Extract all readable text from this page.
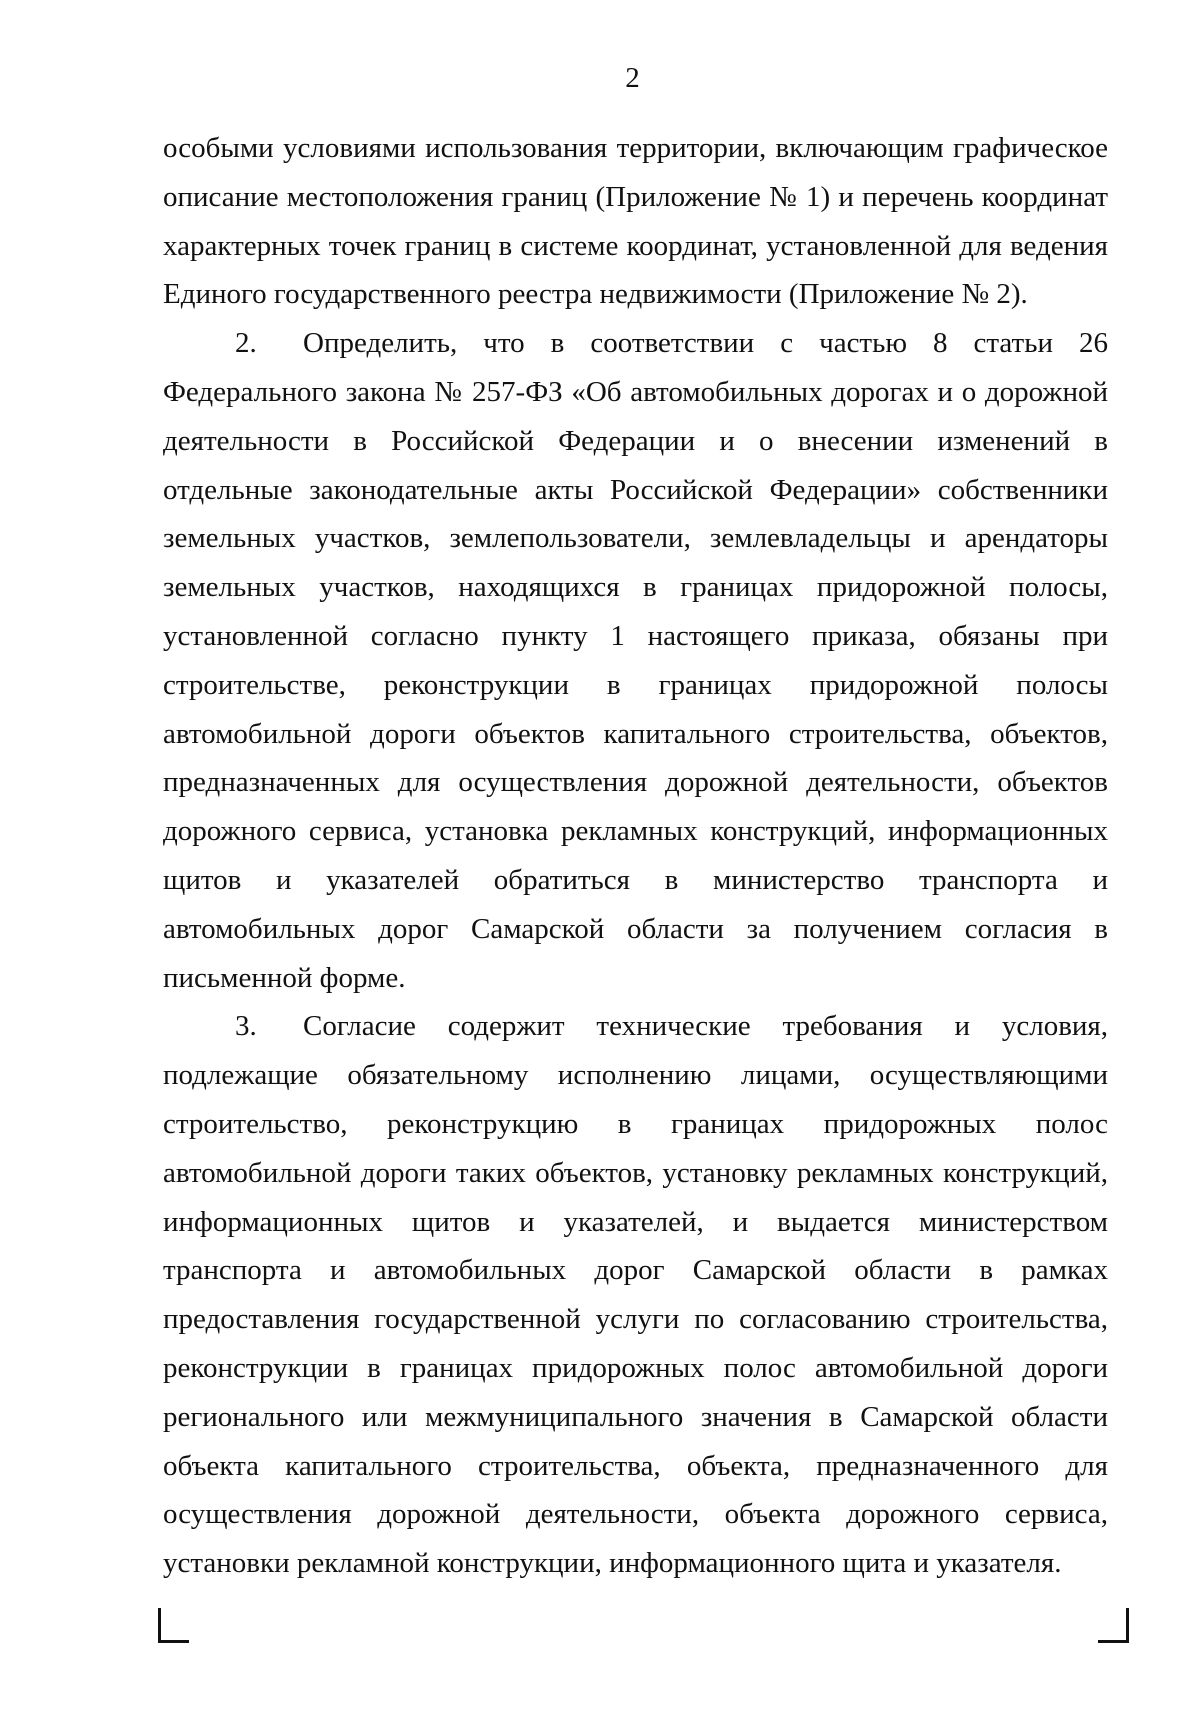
2

особыми условиями использования территории, включающим графическое описание местоположения границ (Приложение № 1) и перечень координат характерных точек границ в системе координат, установленной для ведения Единого государственного реестра недвижимости (Приложение № 2).

2. Определить, что в соответствии с частью 8 статьи 26 Федерального закона № 257-ФЗ «Об автомобильных дорогах и о дорожной деятельности в Российской Федерации и о внесении изменений в отдельные законодательные акты Российской Федерации» собственники земельных участков, землепользователи, землевладельцы и арендаторы земельных участков, находящихся в границах придорожной полосы, установленной согласно пункту 1 настоящего приказа, обязаны при строительстве, реконструкции в границах придорожной полосы автомобильной дороги объектов капитального строительства, объектов, предназначенных для осуществления дорожной деятельности, объектов дорожного сервиса, установка рекламных конструкций, информационных щитов и указателей обратиться в министерство транспорта и автомобильных дорог Самарской области за получением согласия в письменной форме.

3. Согласие содержит технические требования и условия, подлежащие обязательному исполнению лицами, осуществляющими строительство, реконструкцию в границах придорожных полос автомобильной дороги таких объектов, установку рекламных конструкций, информационных щитов и указателей, и выдается министерством транспорта и автомобильных дорог Самарской области в рамках предоставления государственной услуги по согласованию строительства, реконструкции в границах придорожных полос автомобильной дороги регионального или межмуниципального значения в Самарской области объекта капитального строительства, объекта, предназначенного для осуществления дорожной деятельности, объекта дорожного сервиса, установки рекламной конструкции, информационного щита и указателя.
